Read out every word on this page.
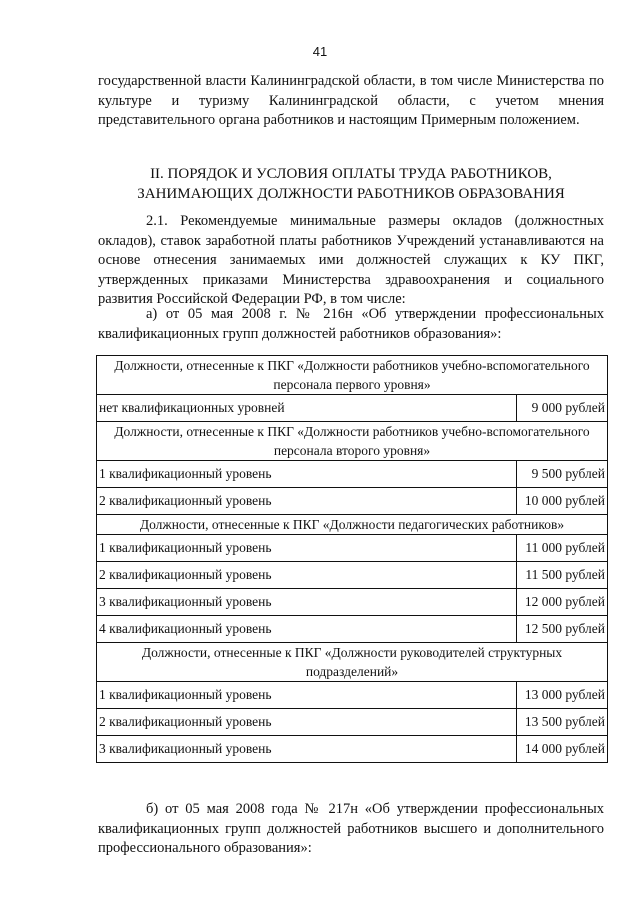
41

государственной власти Калининградской области, в том числе Министерства по культуре и туризму Калининградской области, с учетом мнения представительного органа работников и настоящим Примерным положением.

II. ПОРЯДОК И УСЛОВИЯ ОПЛАТЫ ТРУДА РАБОТНИКОВ,
ЗАНИМАЮЩИХ ДОЛЖНОСТИ РАБОТНИКОВ ОБРАЗОВАНИЯ

2.1. Рекомендуемые минимальные размеры окладов (должностных окладов), ставок заработной платы работников Учреждений устанавливаются на основе отнесения занимаемых ими должностей служащих к КУ ПКГ, утвержденных приказами Министерства здравоохранения и социального развития Российской Федерации РФ, в том числе:

а) от 05 мая 2008 г. № 216н «Об утверждении профессиональных квалификационных групп должностей работников образования»:

Должности, отнесенные к ПКГ «Должности работников учебно-вспомогательного персонала первого уровня»	
нет квалификационных уровней	9 000 рублей
Должности, отнесенные к ПКГ «Должности работников учебно-вспомогательного персонала второго уровня»	
1 квалификационный уровень	9 500 рублей
2 квалификационный уровень	10 000 рублей
Должности, отнесенные к ПКГ «Должности педагогических работников»	
1 квалификационный уровень	11 000 рублей
2 квалификационный уровень	11 500 рублей
3 квалификационный уровень	12 000 рублей
4 квалификационный уровень	12 500 рублей
Должности, отнесенные к ПКГ «Должности руководителей структурных подразделений»	
1 квалификационный уровень	13 000 рублей
2 квалификационный уровень	13 500 рублей
3 квалификационный уровень	14 000 рублей

б) от 05 мая 2008 года № 217н «Об утверждении профессиональных квалификационных групп должностей работников высшего и дополнительного профессионального образования»:
